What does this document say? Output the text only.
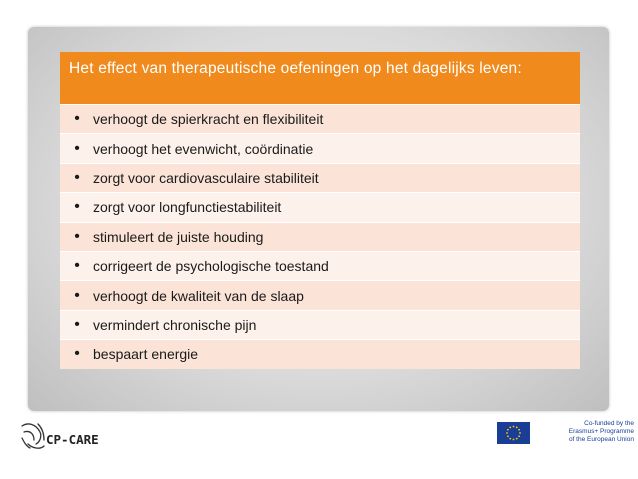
Het effect van therapeutische oefeningen op het dagelijks leven:
• verhoogt de spierkracht en flexibiliteit
• verhoogt het evenwicht, coördinatie
• zorgt voor cardiovasculaire stabiliteit
• zorgt voor longfunctiestabiliteit
• stimuleert de juiste houding
• corrigeert de psychologische toestand
• verhoogt de kwaliteit van de slaap
• vermindert chronische pijn
• bespaart energie
CP-CARE
Co-funded by the
Erasmus+ Programme
of the European Union
